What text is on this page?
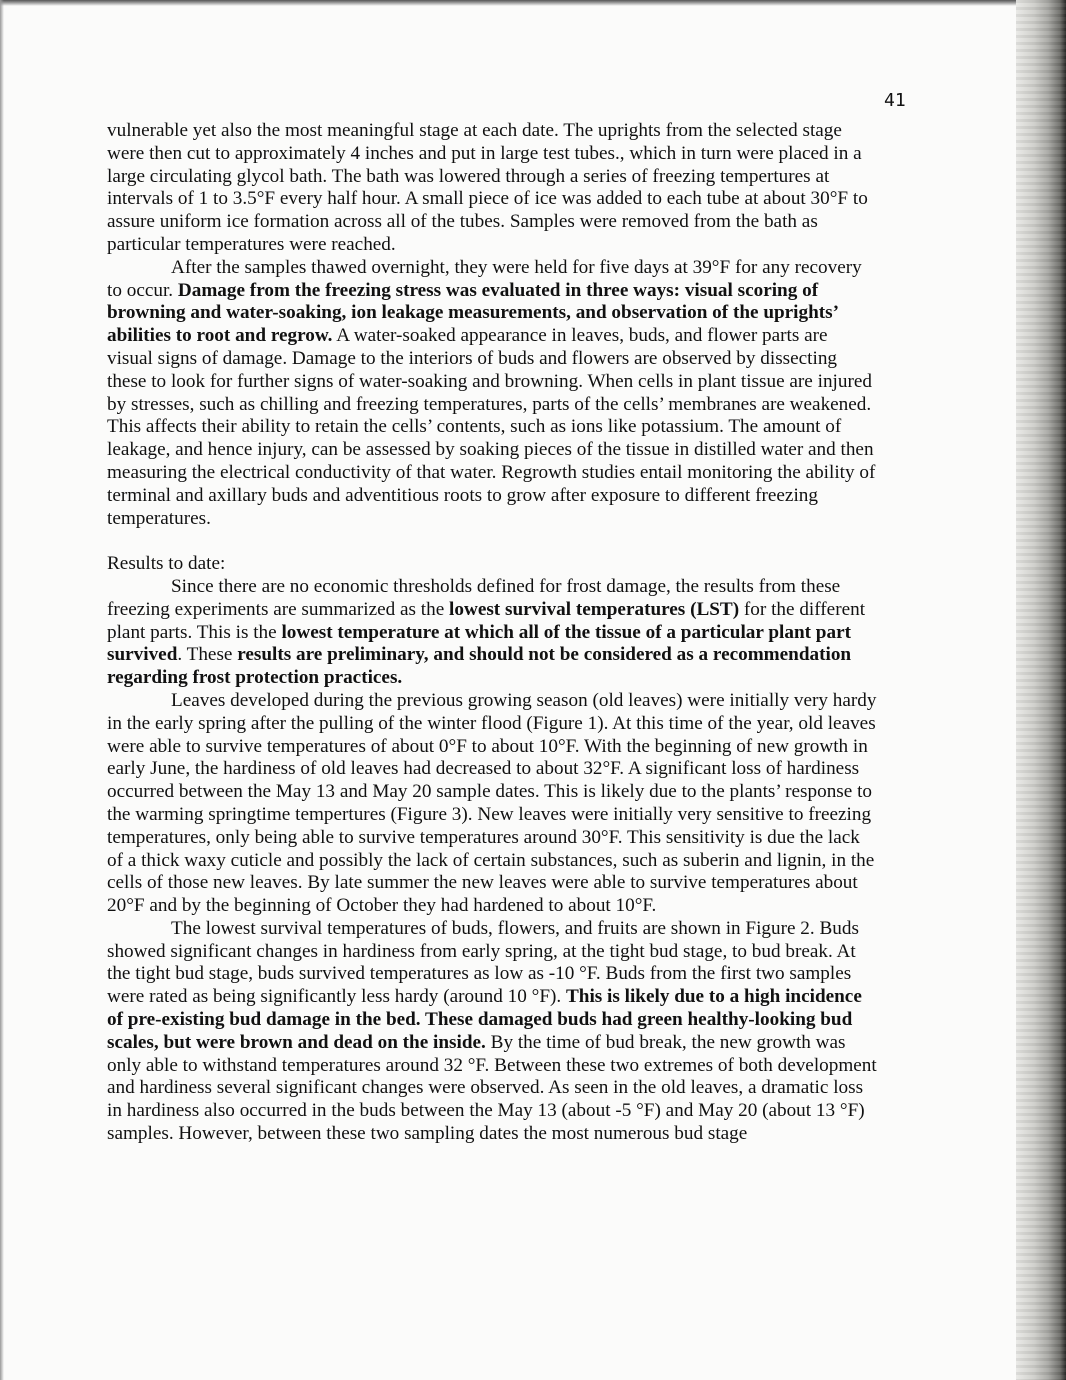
41

vulnerable yet also the most meaningful stage at each date. The uprights from the selected stage were then cut to approximately 4 inches and put in large test tubes., which in turn were placed in a large circulating glycol bath. The bath was lowered through a series of freezing tempertures at intervals of 1 to 3.5°F every half hour. A small piece of ice was added to each tube at about 30°F to assure uniform ice formation across all of the tubes. Samples were removed from the bath as particular temperatures were reached.

After the samples thawed overnight, they were held for five days at 39°F for any recovery to occur. Damage from the freezing stress was evaluated in three ways: visual scoring of browning and water-soaking, ion leakage measurements, and observation of the uprights’ abilities to root and regrow. A water-soaked appearance in leaves, buds, and flower parts are visual signs of damage. Damage to the interiors of buds and flowers are observed by dissecting these to look for further signs of water-soaking and browning. When cells in plant tissue are injured by stresses, such as chilling and freezing temperatures, parts of the cells’ membranes are weakened. This affects their ability to retain the cells’ contents, such as ions like potassium. The amount of leakage, and hence injury, can be assessed by soaking pieces of the tissue in distilled water and then measuring the electrical conductivity of that water. Regrowth studies entail monitoring the ability of terminal and axillary buds and adventitious roots to grow after exposure to different freezing temperatures.

Results to date:

Since there are no economic thresholds defined for frost damage, the results from these freezing experiments are summarized as the lowest survival temperatures (LST) for the different plant parts. This is the lowest temperature at which all of the tissue of a particular plant part survived. These results are preliminary, and should not be considered as a recommendation regarding frost protection practices.

Leaves developed during the previous growing season (old leaves) were initially very hardy in the early spring after the pulling of the winter flood (Figure 1). At this time of the year, old leaves were able to survive temperatures of about 0°F to about 10°F. With the beginning of new growth in early June, the hardiness of old leaves had decreased to about 32°F. A significant loss of hardiness occurred between the May 13 and May 20 sample dates. This is likely due to the plants’ response to the warming springtime tempertures (Figure 3). New leaves were initially very sensitive to freezing temperatures, only being able to survive temperatures around 30°F. This sensitivity is due the lack of a thick waxy cuticle and possibly the lack of certain substances, such as suberin and lignin, in the cells of those new leaves. By late summer the new leaves were able to survive temperatures about 20°F and by the beginning of October they had hardened to about 10°F.

The lowest survival temperatures of buds, flowers, and fruits are shown in Figure 2. Buds showed significant changes in hardiness from early spring, at the tight bud stage, to bud break. At the tight bud stage, buds survived temperatures as low as -10 °F. Buds from the first two samples were rated as being significantly less hardy (around 10 °F). This is likely due to a high incidence of pre-existing bud damage in the bed. These damaged buds had green healthy-looking bud scales, but were brown and dead on the inside. By the time of bud break, the new growth was only able to withstand temperatures around 32 °F. Between these two extremes of both development and hardiness several significant changes were observed. As seen in the old leaves, a dramatic loss in hardiness also occurred in the buds between the May 13 (about -5 °F) and May 20 (about 13 °F) samples. However, between these two sampling dates the most numerous bud stage
